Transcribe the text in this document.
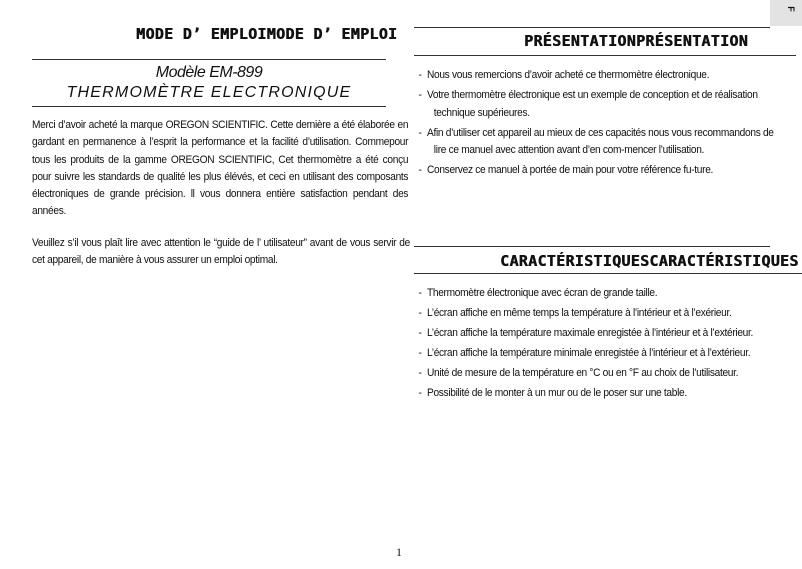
F
MODE D’ EMPLOIMODE D’ EMPLOI
Modèle EM-899
THERMOMÈTRE ELECTRONIQUE
Merci d’avoir acheté la marque OREGON SCIENTIFIC. Cette dernière a été élaborée en gardant en permanence à l’esprit la performance et la facilité d’utilisation. Commepour tous les produits de la gamme OREGON SCIENTIFIC, Cet thermomètre a été conçu pour suivre les standards de qualité les plus élévés, et ceci en utilisant des composants électroniques de grande précision. ll vous donnera entière satisfaction pendant des années.
Veuillez s’il vous plaît lire avec attention le “guide de l’ utilisateur” avant de vous servir de cet appareil, de manière à vous assurer un emploi optimal.
PRÉSENTATIONPRÉSENTATION
- Nous vous remercions d’avoir acheté ce thermomètre électronique.
- Votre thermomètre électronique est un exemple de conception et de réalisation technique supérieures.
- Afin d’utiliser cet appareil au mieux de ces capacités nous vous recommandons de lire ce manuel avec attention avant d’en com-mencer l’utilisation.
- Conservez ce manuel à portée de main pour votre référence fu-ture.
CARACTÉRISTIQUESCARACTÉRISTIQUES
- Thermomètre électronique avec écran de grande taille.
- L’écran affiche en même temps la température à l’intérieur et à l’exérieur.
- L’écran affiche la température maximale enregistée à l’intérieur et à l’extérieur.
- L’écran affiche la température minimale enregistée à l’intérieur et à l’extérieur.
- Unité de mesure de la température en °C ou en °F au choix de l’utilisateur.
- Possibilité de le monter à un mur ou de le poser sur une table.
1
